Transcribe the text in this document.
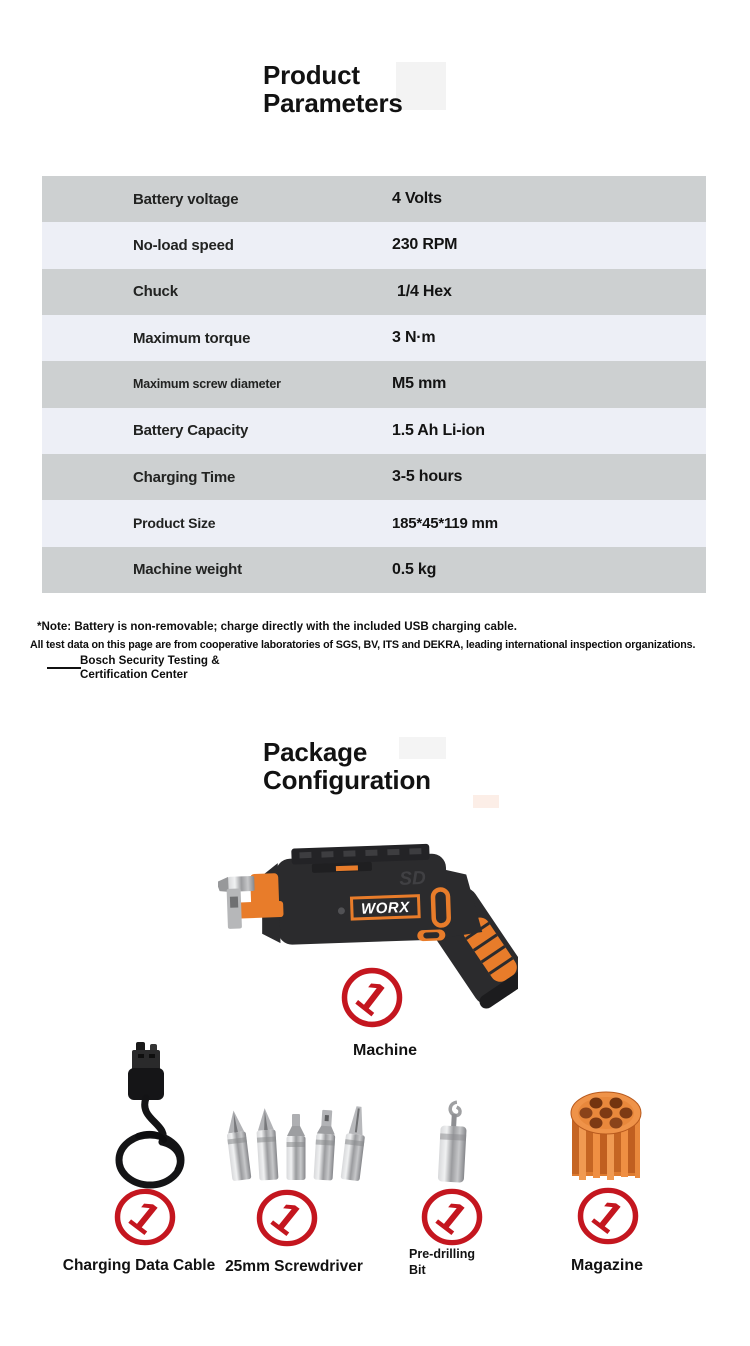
Product
Parameters
Battery voltage	4 Volts
No-load speed	230 RPM
Chuck	1/4 Hex
Maximum torque	3 N·m
Maximum screw diameter	M5 mm
Battery Capacity	1.5 Ah Li-ion
Charging Time	3-5 hours
Product Size	185*45*119 mm
Machine weight	0.5 kg
*Note: Battery is non-removable; charge directly with the included USB charging cable.
All test data on this page are from cooperative laboratories of SGS, BV, ITS and DEKRA, leading international inspection organizations.
Bosch Security Testing &
Certification Center
Package
Configuration
SD
WORX
Machine
Charging Data Cable 25mm Screwdriver
Pre-drilling
Bit	Magazine
